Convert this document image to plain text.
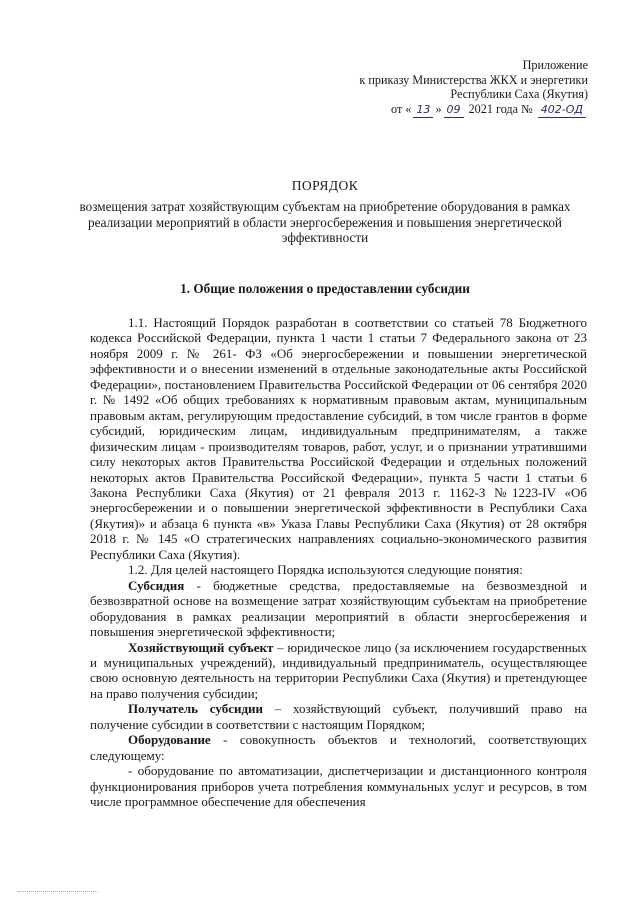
Приложение
к приказу Министерства ЖКХ и энергетики
Республики Саха (Якутия)
от « 13 » 09 2021 года № 402-ОД
ПОРЯДОК
возмещения затрат хозяйствующим субъектам на приобретение оборудования в рамках реализации мероприятий в области энергосбережения и повышения энергетической эффективности
1. Общие положения о предоставлении субсидии

1.1. Настоящий Порядок разработан в соответствии со статьей 78 Бюджетного кодекса Российской Федерации, пункта 1 части 1 статьи 7 Федерального закона от 23 ноября 2009 г. № 261- ФЗ «Об энергосбережении и повышении энергетической эффективности и о внесении изменений в отдельные законодательные акты Российской Федерации», постановлением Правительства Российской Федерации от 06 сентября 2020 г. № 1492 «Об общих требованиях к нормативным правовым актам, муниципальным правовым актам, регулирующим предоставление субсидий, в том числе грантов в форме субсидий, юридическим лицам, индивидуальным предпринимателям, а также физическим лицам - производителям товаров, работ, услуг, и о признании утратившими силу некоторых актов Правительства Российской Федерации и отдельных положений некоторых актов Правительства Российской Федерации», пункта 5 части 1 статьи 6 Закона Республики Саха (Якутия) от 21 февраля 2013 г. 1162-З №1223-IV «Об энергосбережении и о повышении энергетической эффективности в Республики Саха (Якутия)» и абзаца 6 пункта «в» Указа Главы Республики Саха (Якутия) от 28 октября 2018 г. № 145 «О стратегических направлениях социально-экономического развития Республики Саха (Якутия).

1.2. Для целей настоящего Порядка используются следующие понятия:

Субсидия - бюджетные средства, предоставляемые на безвозмездной и безвозвратной основе на возмещение затрат хозяйствующим субъектам на приобретение оборудования в рамках реализации мероприятий в области энергосбережения и повышения энергетической эффективности;

Хозяйствующий субъект – юридическое лицо (за исключением государственных и муниципальных учреждений), индивидуальный предприниматель, осуществляющее свою основную деятельность на территории Республики Саха (Якутия) и претендующее на право получения субсидии;

Получатель субсидии – хозяйствующий субъект, получивший право на получение субсидии в соответствии с настоящим Порядком;

Оборудование - совокупность объектов и технологий, соответствующих следующему:

- оборудование по автоматизации, диспетчеризации и дистанционного контроля функционирования приборов учета потребления коммунальных услуг и ресурсов, в том числе программное обеспечение для обеспечения
